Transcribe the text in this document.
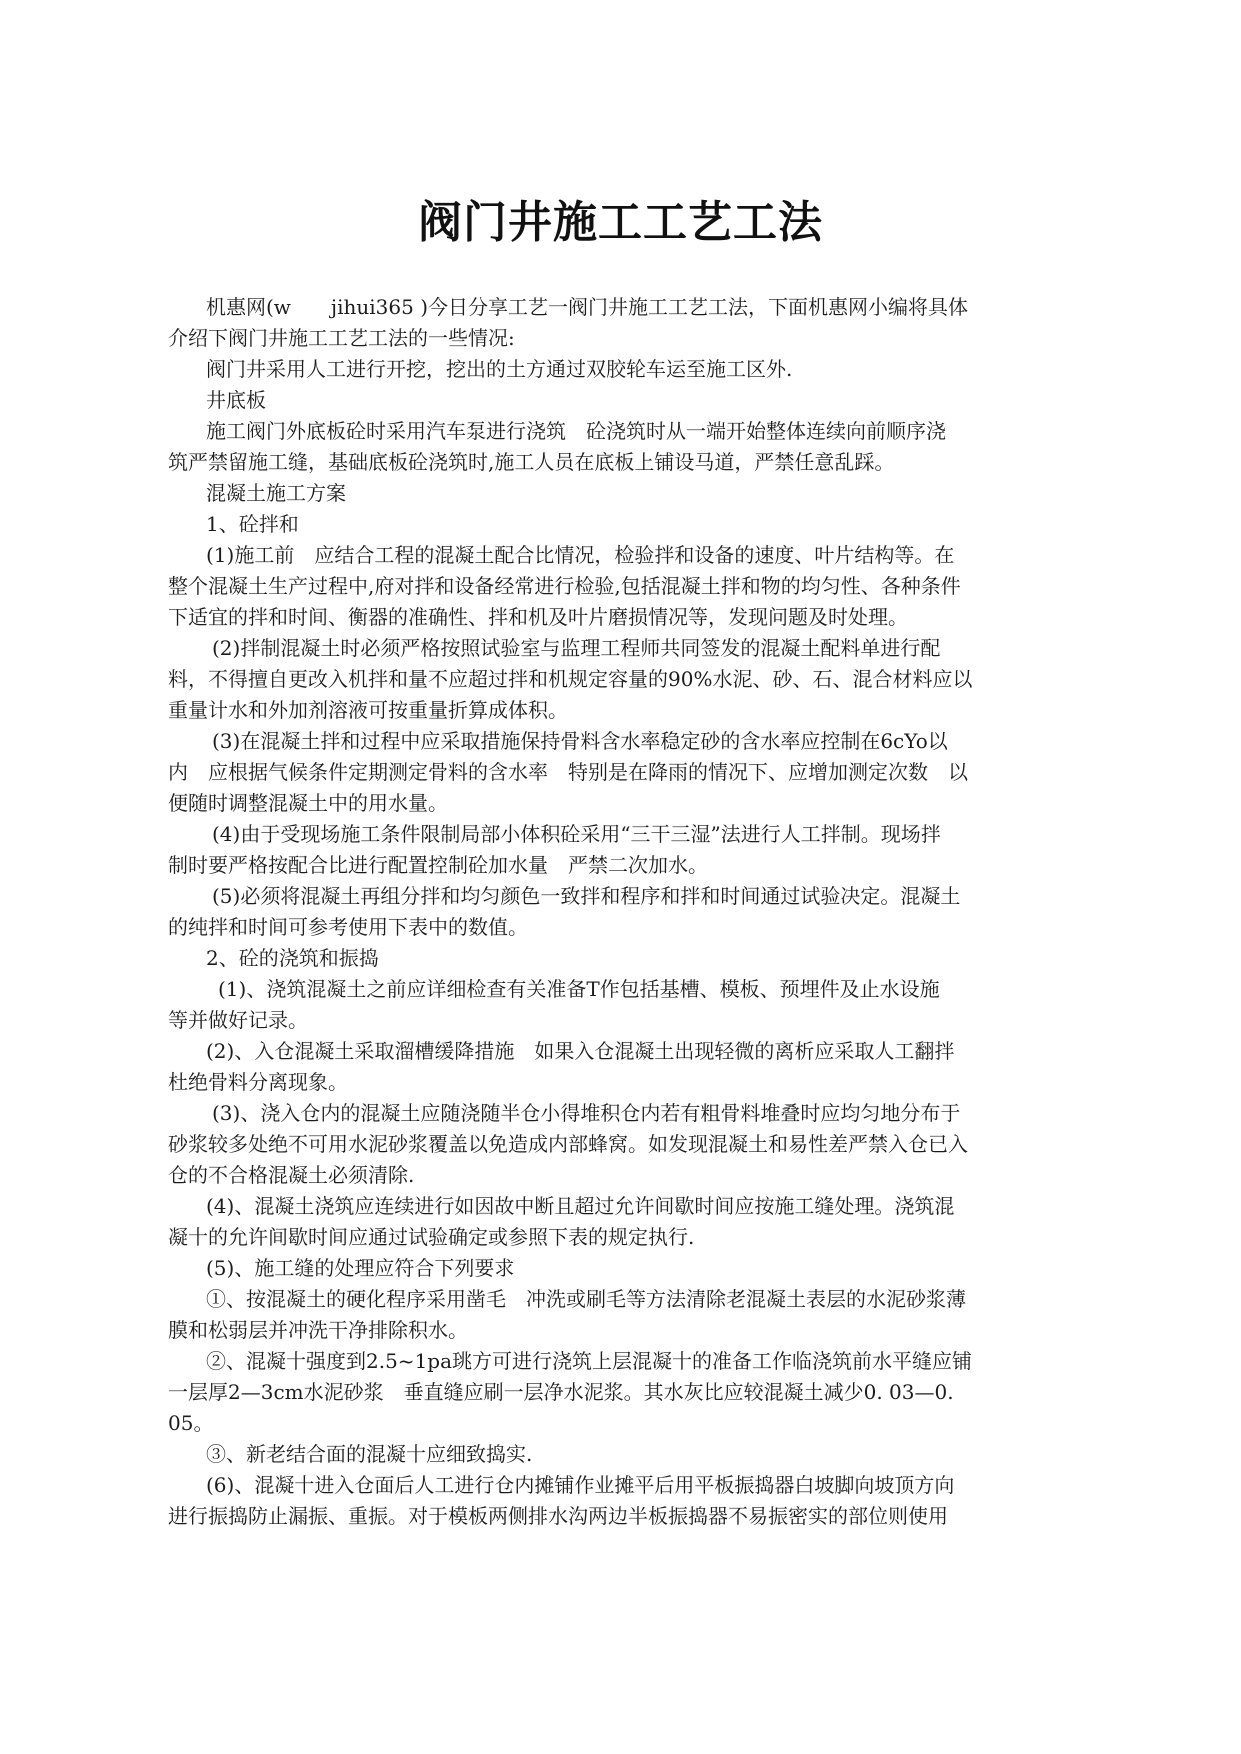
阀门井施工工艺工法
机惠网(w　　jihui365 )今日分享工艺一阀门井施工工艺工法，下面机惠网小编将具体
介绍下阀门井施工工艺工法的一些情况:
阀门井采用人工进行开挖，挖出的土方通过双胶轮车运至施工区外.
井底板
施工阀门外底板砼时采用汽车泵进行浇筑　砼浇筑时从一端开始整体连续向前顺序浇
筑严禁留施工缝，基础底板砼浇筑时,施工人员在底板上铺设马道，严禁任意乱踩。
混凝土施工方案
1、砼拌和
(1)施工前　应结合工程的混凝土配合比情况，检验拌和设备的速度、叶片结构等。在
整个混凝土生产过程中,府对拌和设备经常进行检验,包括混凝土拌和物的均匀性、各种条件
下适宜的拌和时间、衡器的准确性、拌和机及叶片磨损情况等，发现问题及时处理。
(2)拌制混凝土时必须严格按照试验室与监理工程师共同签发的混凝土配料单进行配
料，不得擅自更改入机拌和量不应超过拌和机规定容量的90%水泥、砂、石、混合材料应以
重量计水和外加剂溶液可按重量折算成体积。
(3)在混凝土拌和过程中应采取措施保持骨料含水率稳定砂的含水率应控制在6cYo以
内　应根据气候条件定期测定骨料的含水率　特别是在降雨的情况下、应增加测定次数　以
便随时调整混凝土中的用水量。
(4)由于受现场施工条件限制局部小体积砼采用“三干三湿”法进行人工拌制。现场拌
制时要严格按配合比进行配置控制砼加水量　严禁二次加水。
(5)必须将混凝土再组分拌和均匀颜色一致拌和程序和拌和时间通过试验决定。混凝土
的纯拌和时间可参考使用下表中的数值。
2、砼的浇筑和振捣
(1)、浇筑混凝土之前应详细检查有关准备T作包括基槽、模板、预埋件及止水设施
等并做好记录。
(2)、入仓混凝土采取溜槽缓降措施　如果入仓混凝土出现轻微的离析应采取人工翻拌
杜绝骨料分离现象。
(3)、浇入仓内的混凝土应随浇随半仓小得堆积仓内若有粗骨料堆叠时应均匀地分布于
砂浆较多处绝不可用水泥砂浆覆盖以免造成内部蜂窝。如发现混凝土和易性差严禁入仓已入
仓的不合格混凝土必须清除.
(4)、混凝土浇筑应连续进行如因故中断且超过允许间歇时间应按施工缝处理。浇筑混
凝十的允许间歇时间应通过试验确定或参照下表的规定执行.
(5)、施工缝的处理应符合下列要求
①、按混凝土的硬化程序采用凿毛　冲洗或刷毛等方法清除老混凝土表层的水泥砂浆薄
膜和松弱层并冲洗干净排除积水。
②、混凝十强度到2.5~1pa珧方可进行浇筑上层混凝十的准备工作临浇筑前水平缝应铺
一层厚2—3cm水泥砂浆　垂直缝应刷一层净水泥浆。其水灰比应较混凝土减少0. 03—0.
05。
③、新老结合面的混凝十应细致捣实.
(6)、混凝十进入仓面后人工进行仓内摊铺作业摊平后用平板振捣器白坡脚向坡顶方向
进行振捣防止漏振、重振。对于模板两侧排水沟两边半板振捣器不易振密实的部位则使用
